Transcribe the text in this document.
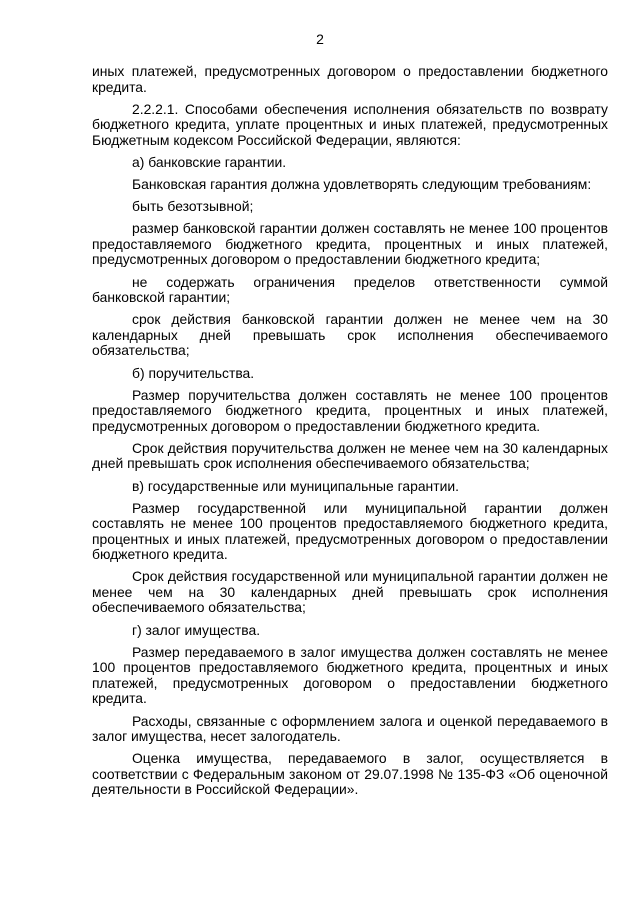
2

иных платежей, предусмотренных договором о предоставлении бюджетного кредита.

2.2.2.1. Способами обеспечения исполнения обязательств по возврату бюджетного кредита, уплате процентных и иных платежей, предусмотренных Бюджетным кодексом Российской Федерации, являются:

а) банковские гарантии.

Банковская гарантия должна удовлетворять следующим требованиям:

быть безотзывной;

размер банковской гарантии должен составлять не менее 100 процентов предоставляемого бюджетного кредита, процентных и иных платежей, предусмотренных договором о предоставлении бюджетного кредита;

не содержать ограничения пределов ответственности суммой банковской гарантии;

срок действия банковской гарантии должен не менее чем на 30 календарных дней превышать срок исполнения обеспечиваемого обязательства;

б) поручительства.

Размер поручительства должен составлять не менее 100 процентов предоставляемого бюджетного кредита, процентных и иных платежей, предусмотренных договором о предоставлении бюджетного кредита.

Срок действия поручительства должен не менее чем на 30 календарных дней превышать срок исполнения обеспечиваемого обязательства;

в) государственные или муниципальные гарантии.

Размер государственной или муниципальной гарантии должен составлять не менее 100 процентов предоставляемого бюджетного кредита, процентных и иных платежей, предусмотренных договором о предоставлении бюджетного кредита.

Срок действия государственной или муниципальной гарантии должен не менее чем на 30 календарных дней превышать срок исполнения обеспечиваемого обязательства;

г) залог имущества.

Размер передаваемого в залог имущества должен составлять не менее 100 процентов предоставляемого бюджетного кредита, процентных и иных платежей, предусмотренных договором о предоставлении бюджетного кредита.

Расходы, связанные с оформлением залога и оценкой передаваемого в залог имущества, несет залогодатель.

Оценка имущества, передаваемого в залог, осуществляется в соответствии с Федеральным законом от 29.07.1998 № 135-ФЗ «Об оценочной деятельности в Российской Федерации».
